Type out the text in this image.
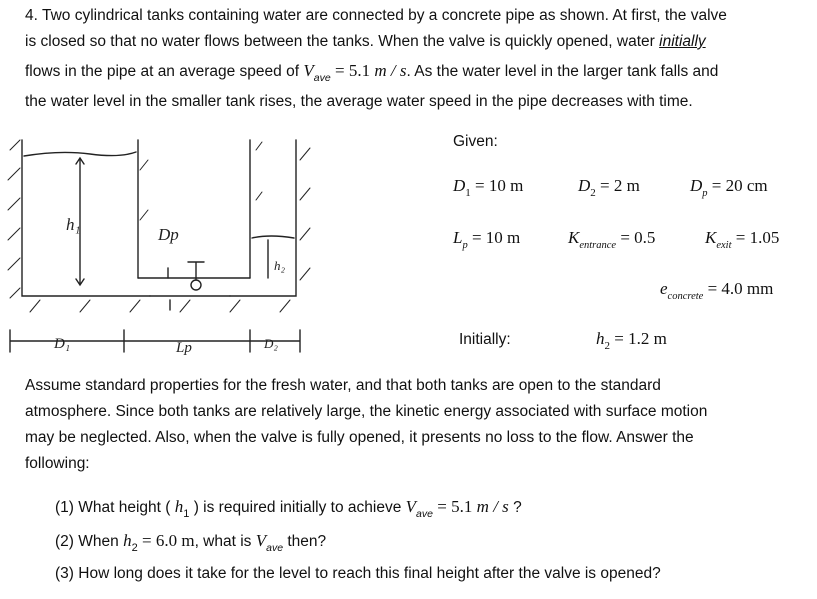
4. Two cylindrical tanks containing water are connected by a concrete pipe as shown. At first, the valve

is closed so that no water flows between the tanks. When the valve is quickly opened, water initially

flows in the pipe at an average speed of $V_{ave} = 5.1$ m / s. As the water level in the larger tank falls and

the water level in the smaller tank rises, the average water speed in the pipe decreases with time.

h₁
Dp
h₂
D₁	Lp	D₂
Given:
$D_1 = 10$ m	$D_2 = 2$ m	$D_p = 20$ cm
$L_p = 10$ m	$K_{entrance} = 0.5$	$K_{exit} = 1.05$
$e_{concrete} = 4.0$ mm
Initially:	$h_2 = 1.2$ m

Assume standard properties for the fresh water, and that both tanks are open to the standard

atmosphere. Since both tanks are relatively large, the kinetic energy associated with surface motion

may be neglected. Also, when the valve is fully opened, it presents no loss to the flow. Answer the

following:

(1) What height ( $h_1$ ) is required initially to achieve $V_{ave} = 5.1$ m / s ?
(2) When $h_2 = 6.0$ m, what is $V_{ave}$ then?
(3) How long does it take for the level to reach this final height after the valve is opened?
